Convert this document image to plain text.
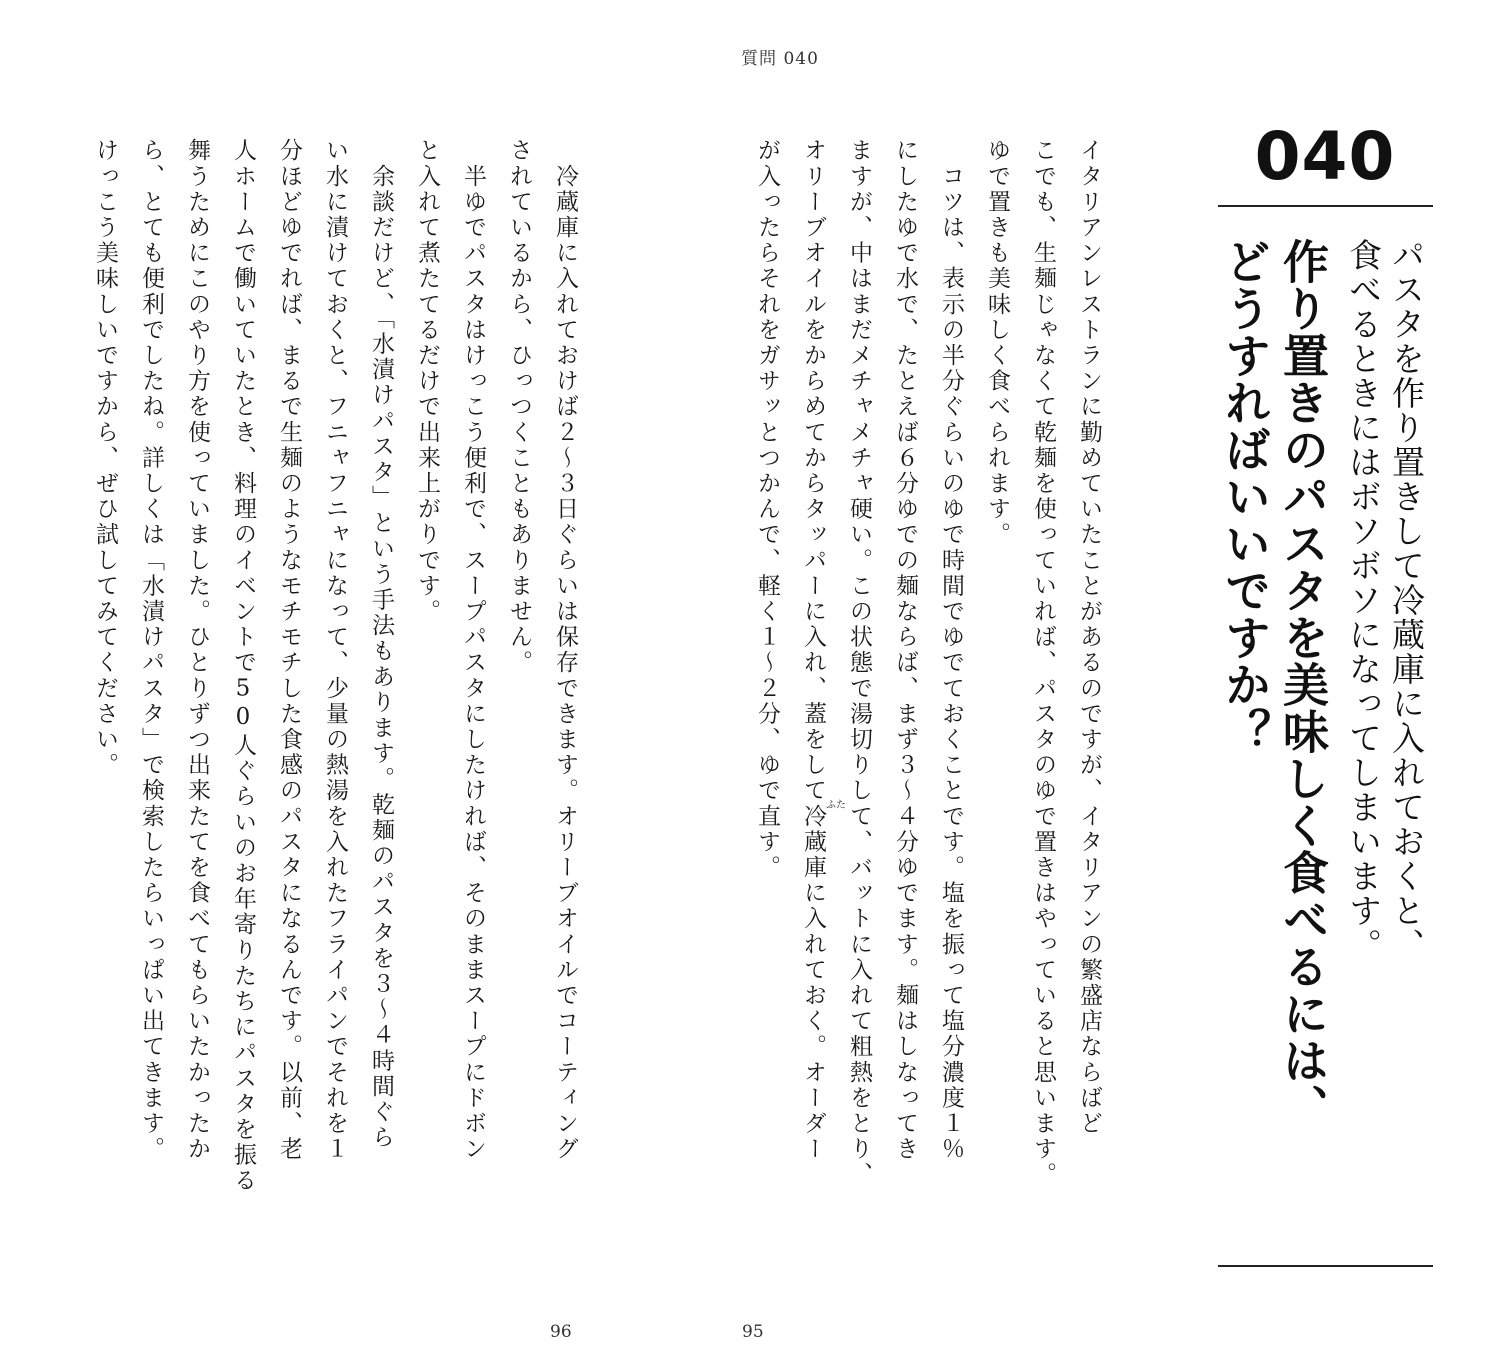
質問 040
040
パスタを作り置きして冷蔵庫に入れておくと、
食べるときにはボソボソになってしまいます。
作り置きのパスタを美味しく食べるには、
どうすればいいですか？
イタリアンレストランに勤めていたことがあるのですが、イタリアンの繁盛店ならばど
こでも、生麺じゃなくて乾麺を使っていれば、パスタのゆで置きはやっていると思います。
ゆで置きも美味しく食べられます。
　コツは、表示の半分ぐらいのゆで時間でゆでておくことです。塩を振って塩分濃度１％
にしたゆで水で、たとえば６分ゆでの麺ならば、まず３～４分ゆでます。麺はしなってき
ますが、中はまだメチャメチャ硬い。この状態で湯切りして、バットに入れて粗熱をとり、
オリーブオイルをからめてからタッパーに入れ、蓋をして冷蔵庫に入れておく。オーダー ふた
が入ったらそれをガサッとつかんで、軽く１～２分、ゆで直す。
95
　冷蔵庫に入れておけば２～３日ぐらいは保存できます。オリーブオイルでコーティング
されているから、ひっつくこともありません。
　半ゆでパスタはけっこう便利で、スープパスタにしたければ、そのままスープにドボン
と入れて煮たてるだけで出来上がりです。
　余談だけど、「水漬けパスタ」という手法もあります。乾麺のパスタを３～４時間ぐら
い水に漬けておくと、フニャフニャになって、少量の熱湯を入れたフライパンでそれを１
分ほどゆでれば、まるで生麺のようなモチモチした食感のパスタになるんです。以前、老
人ホームで働いていたとき、料理のイベントで50人ぐらいのお年寄りたちにパスタを振る
舞うためにこのやり方を使っていました。ひとりずつ出来たてを食べてもらいたかったか
ら、とても便利でしたね。詳しくは「水漬けパスタ」で検索したらいっぱい出てきます。
けっこう美味しいですから、ぜひ試してみてください。
96
